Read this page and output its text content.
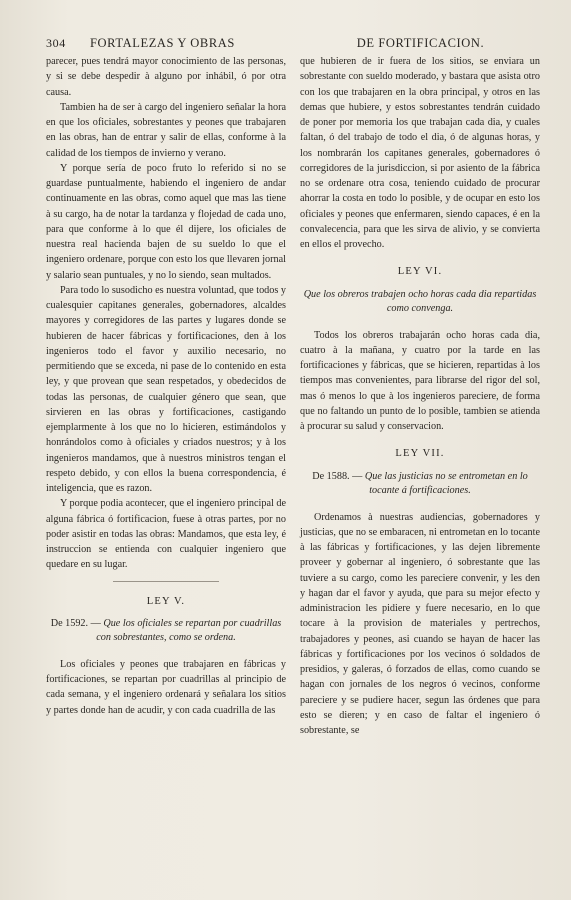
304	FORTALEZAS Y OBRAS	DE FORTIFICACION.

parecer, pues tendrá mayor conocimiento de las personas, y si se debe despedir à alguno por inhábil, ó por otra causa.

Tambien ha de ser à cargo del ingeniero señalar la hora en que los oficiales, sobrestantes y peones que trabajaren en las obras, han de entrar y salir de ellas, conforme à la calidad de los tiempos de invierno y verano.

Y porque sería de poco fruto lo referido si no se guardase puntualmente, habiendo el ingeniero de andar continuamente en las obras, como aquel que mas las tiene à su cargo, ha de notar la tardanza y flojedad de cada uno, para que conforme à lo que él dijere, los oficiales de nuestra real hacienda bajen de su sueldo lo que el ingeniero ordenare, porque con esto los que llevaren jornal y salario sean puntuales, y no lo siendo, sean multados.

Para todo lo susodicho es nuestra voluntad, que todos y cualesquier capitanes generales, gobernadores, alcaldes mayores y corregidores de las partes y lugares donde se hubieren de hacer fábricas y fortificaciones, den à los ingenieros todo el favor y auxilio necesario, no permitiendo que se exceda, ni pase de lo contenido en esta ley, y que provean que sean respetados, y obedecidos de todas las personas, de cualquier género que sean, que sirvieren en las obras y fortificaciones, castigando ejemplarmente à los que no lo hicieren, estimándolos y honrándolos como à oficiales y criados nuestros; y à los ingenieros mandamos, que à nuestros ministros tengan el respeto debido, y con ellos la buena correspondencia, é inteligencia, que es razon.

Y porque podia acontecer, que el ingeniero principal de alguna fábrica ó fortificacion, fuese à otras partes, por no poder asistir en todas las obras: Mandamos, que esta ley, é instruccion se entienda con cualquier ingeniero que quedare en su lugar.

LEY V.
De 1592. — Que los oficiales se repartan por cuadrillas con sobrestantes, como se ordena.

Los oficiales y peones que trabajaren en fábricas y fortificaciones, se repartan por cuadrillas al principio de cada semana, y el ingeniero ordenará y señalara los sitios y partes donde han de acudir, y con cada cuadrilla de las

que hubieren de ir fuera de los sitios, se enviara un sobrestante con sueldo moderado, y bastara que asista otro con los que trabajaren en la obra principal, y otros en las demas que hubiere, y estos sobrestantes tendrán cuidado de poner por memoria los que trabajan cada dia, y cuales faltan, ó del trabajo de todo el dia, ó de algunas horas, y los nombrarán los capitanes generales, gobernadores ó corregidores de la jurisdiccion, si por asiento de la fábrica no se ordenare otra cosa, teniendo cuidado de procurar ahorrar la costa en todo lo posible, y de ocupar en esto los oficiales y peones que enfermaren, siendo capaces, é en la convalecencia, para que les sirva de alivio, y se convierta en ellos el provecho.

LEY VI.
Que los obreros trabajen ocho horas cada dia repartidas como convenga.

Todos los obreros trabajarán ocho horas cada dia, cuatro à la mañana, y cuatro por la tarde en las fortificaciones y fábricas, que se hicieren, repartidas à los tiempos mas convenientes, para librarse del rigor del sol, mas ó menos lo que à los ingenieros pareciere, de forma que no faltando un punto de lo posible, tambien se atienda à procurar su salud y conservacion.

LEY VII.
De 1588. — Que las justicias no se entrometan en lo tocante á fortificaciones.

Ordenamos à nuestras audiencias, gobernadores y justicias, que no se embaracen, ni entrometan en lo tocante à las fábricas y fortificaciones, y las dejen libremente proveer y gobernar al ingeniero, ó sobrestante que las tuviere a su cargo, como les pareciere convenir, y les den y hagan dar el favor y ayuda, que para su mejor efecto y administracion les pidiere y fuere necesario, en lo que tocare à la provision de materiales y pertrechos, trabajadores y peones, asi cuando se hayan de hacer las fábricas y fortificaciones por los vecinos ó soldados de presidios, y galeras, ó forzados de ellas, como cuando se hagan con jornales de los negros ó vecinos, conforme pareciere y se pudiere hacer, segun las órdenes que para esto se dieren; y en caso de faltar el ingeniero ó sobrestante, se
